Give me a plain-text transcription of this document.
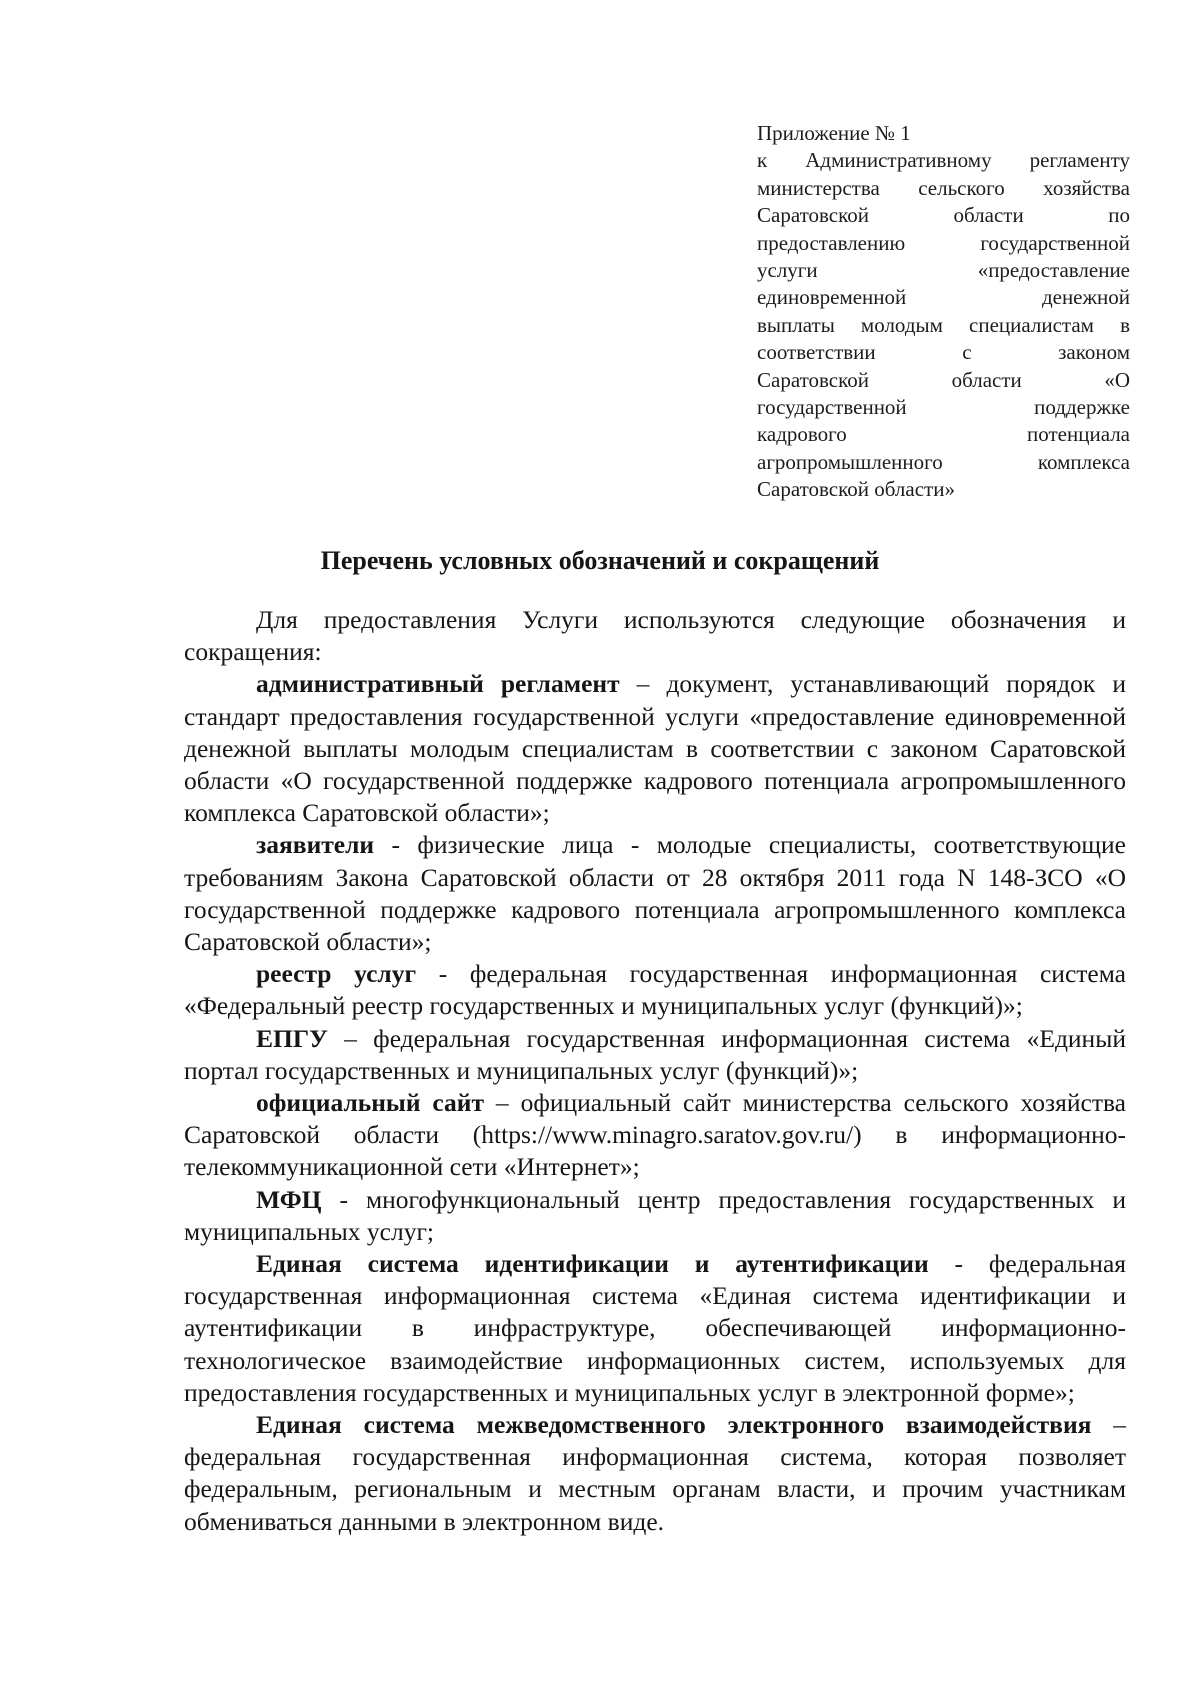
Приложение № 1
к Административному регламенту
министерства сельского хозяйства
Саратовской области по
предоставлению государственной
услуги «предоставление
единовременной денежной
выплаты молодым специалистам в
соответствии с законом
Саратовской области «О
государственной поддержке
кадрового потенциала
агропромышленного комплекса
Саратовской области»
Перечень условных обозначений и сокращений

Для предоставления Услуги используются следующие обозначения и сокращения:

административный регламент – документ, устанавливающий порядок и стандарт предоставления государственной услуги «предоставление единовременной денежной выплаты молодым специалистам в соответствии с законом Саратовской области «О государственной поддержке кадрового потенциала агропромышленного комплекса Саратовской области»;

заявители - физические лица - молодые специалисты, соответствующие требованиям Закона Саратовской области от 28 октября 2011 года N 148-ЗСО «О государственной поддержке кадрового потенциала агропромышленного комплекса Саратовской области»;

реестр услуг - федеральная государственная информационная система «Федеральный реестр государственных и муниципальных услуг (функций)»;

ЕПГУ – федеральная государственная информационная система «Единый портал государственных и муниципальных услуг (функций)»;

официальный сайт – официальный сайт министерства сельского хозяйства Саратовской области (https://www.minagro.saratov.gov.ru/) в информационно-телекоммуникационной сети «Интернет»;

МФЦ - многофункциональный центр предоставления государственных и муниципальных услуг;

Единая система идентификации и аутентификации - федеральная государственная информационная система «Единая система идентификации и аутентификации в инфраструктуре, обеспечивающей информационно-технологическое взаимодействие информационных систем, используемых для предоставления государственных и муниципальных услуг в электронной форме»;

Единая система межведомственного электронного взаимодействия – федеральная государственная информационная система, которая позволяет федеральным, региональным и местным органам власти, и прочим участникам обмениваться данными в электронном виде.
